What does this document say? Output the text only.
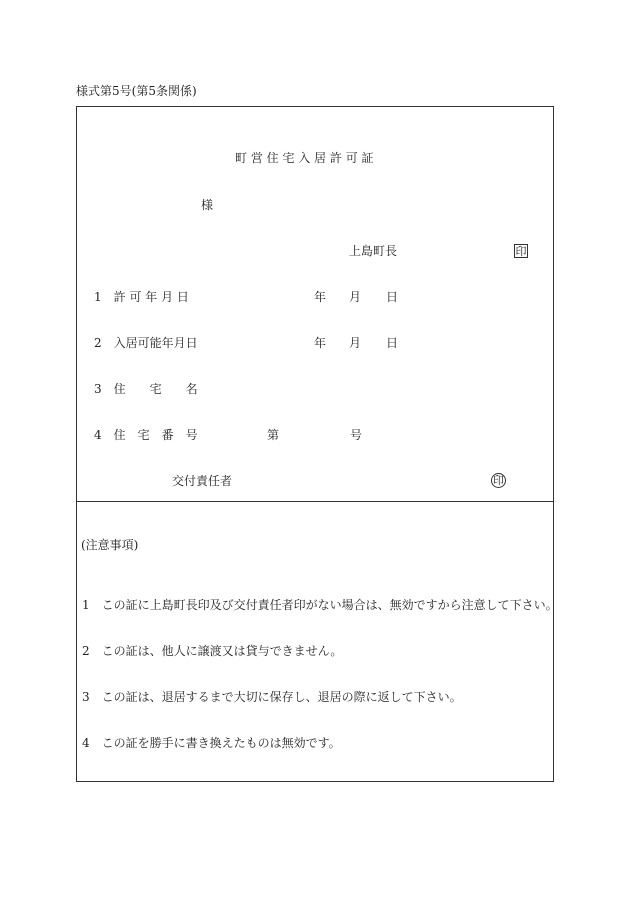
様式第5号(第5条関係)
町 営 住 宅 入 居 許 可 証
様
上島町長	印
1　許 可 年 月 日	年 月 日
2　入居可能年月日	年 月 日
3　住　　宅　　名
4　住　宅　番　号	第	号
交付責任者	印
(注意事項)
1　この証に上島町長印及び交付責任者印がない場合は、無効ですから注意して下さい。
2　この証は、他人に譲渡又は貸与できません。
3　この証は、退居するまで大切に保存し、退居の際に返して下さい。
4　この証を勝手に書き換えたものは無効です。
